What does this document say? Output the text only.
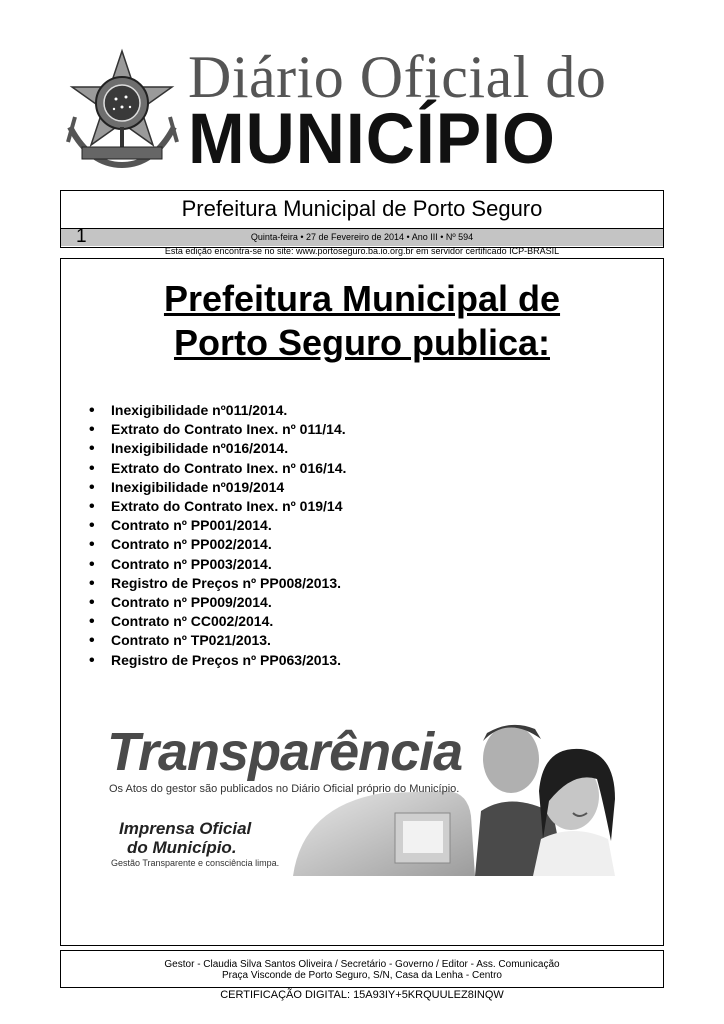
Diário Oficial do
MUNICÍPIO
Prefeitura Municipal de Porto Seguro
1	Quinta-feira • 27 de Fevereiro de 2014 • Ano III • Nº 594
Esta edição encontra-se no site: www.portoseguro.ba.io.org.br em servidor certificado ICP-BRASIL
Prefeitura Municipal de
Porto Seguro publica:
• Inexigibilidade nº011/2014.
• Extrato do Contrato Inex. nº 011/14.
• Inexigibilidade nº016/2014.
• Extrato do Contrato Inex. nº 016/14.
• Inexigibilidade nº019/2014
• Extrato do Contrato Inex. nº 019/14
• Contrato nº PP001/2014.
• Contrato nº PP002/2014.
• Contrato nº PP003/2014.
• Registro de Preços nº PP008/2013.
• Contrato nº PP009/2014.
• Contrato nº CC002/2014.
• Contrato nº TP021/2013.
• Registro de Preços nº PP063/2013.
Transparência
Os Atos do gestor são publicados no Diário Oficial próprio do Município.
Imprensa Oficial
do Município.
Gestão Transparente e consciência limpa.
Gestor - Claudia Silva Santos Oliveira / Secretário - Governo / Editor - Ass. Comunicação
Praça Visconde de Porto Seguro, S/N, Casa da Lenha - Centro
CERTIFICAÇÃO DIGITAL: 15A93IY+5KRQUULEZ8INQW
